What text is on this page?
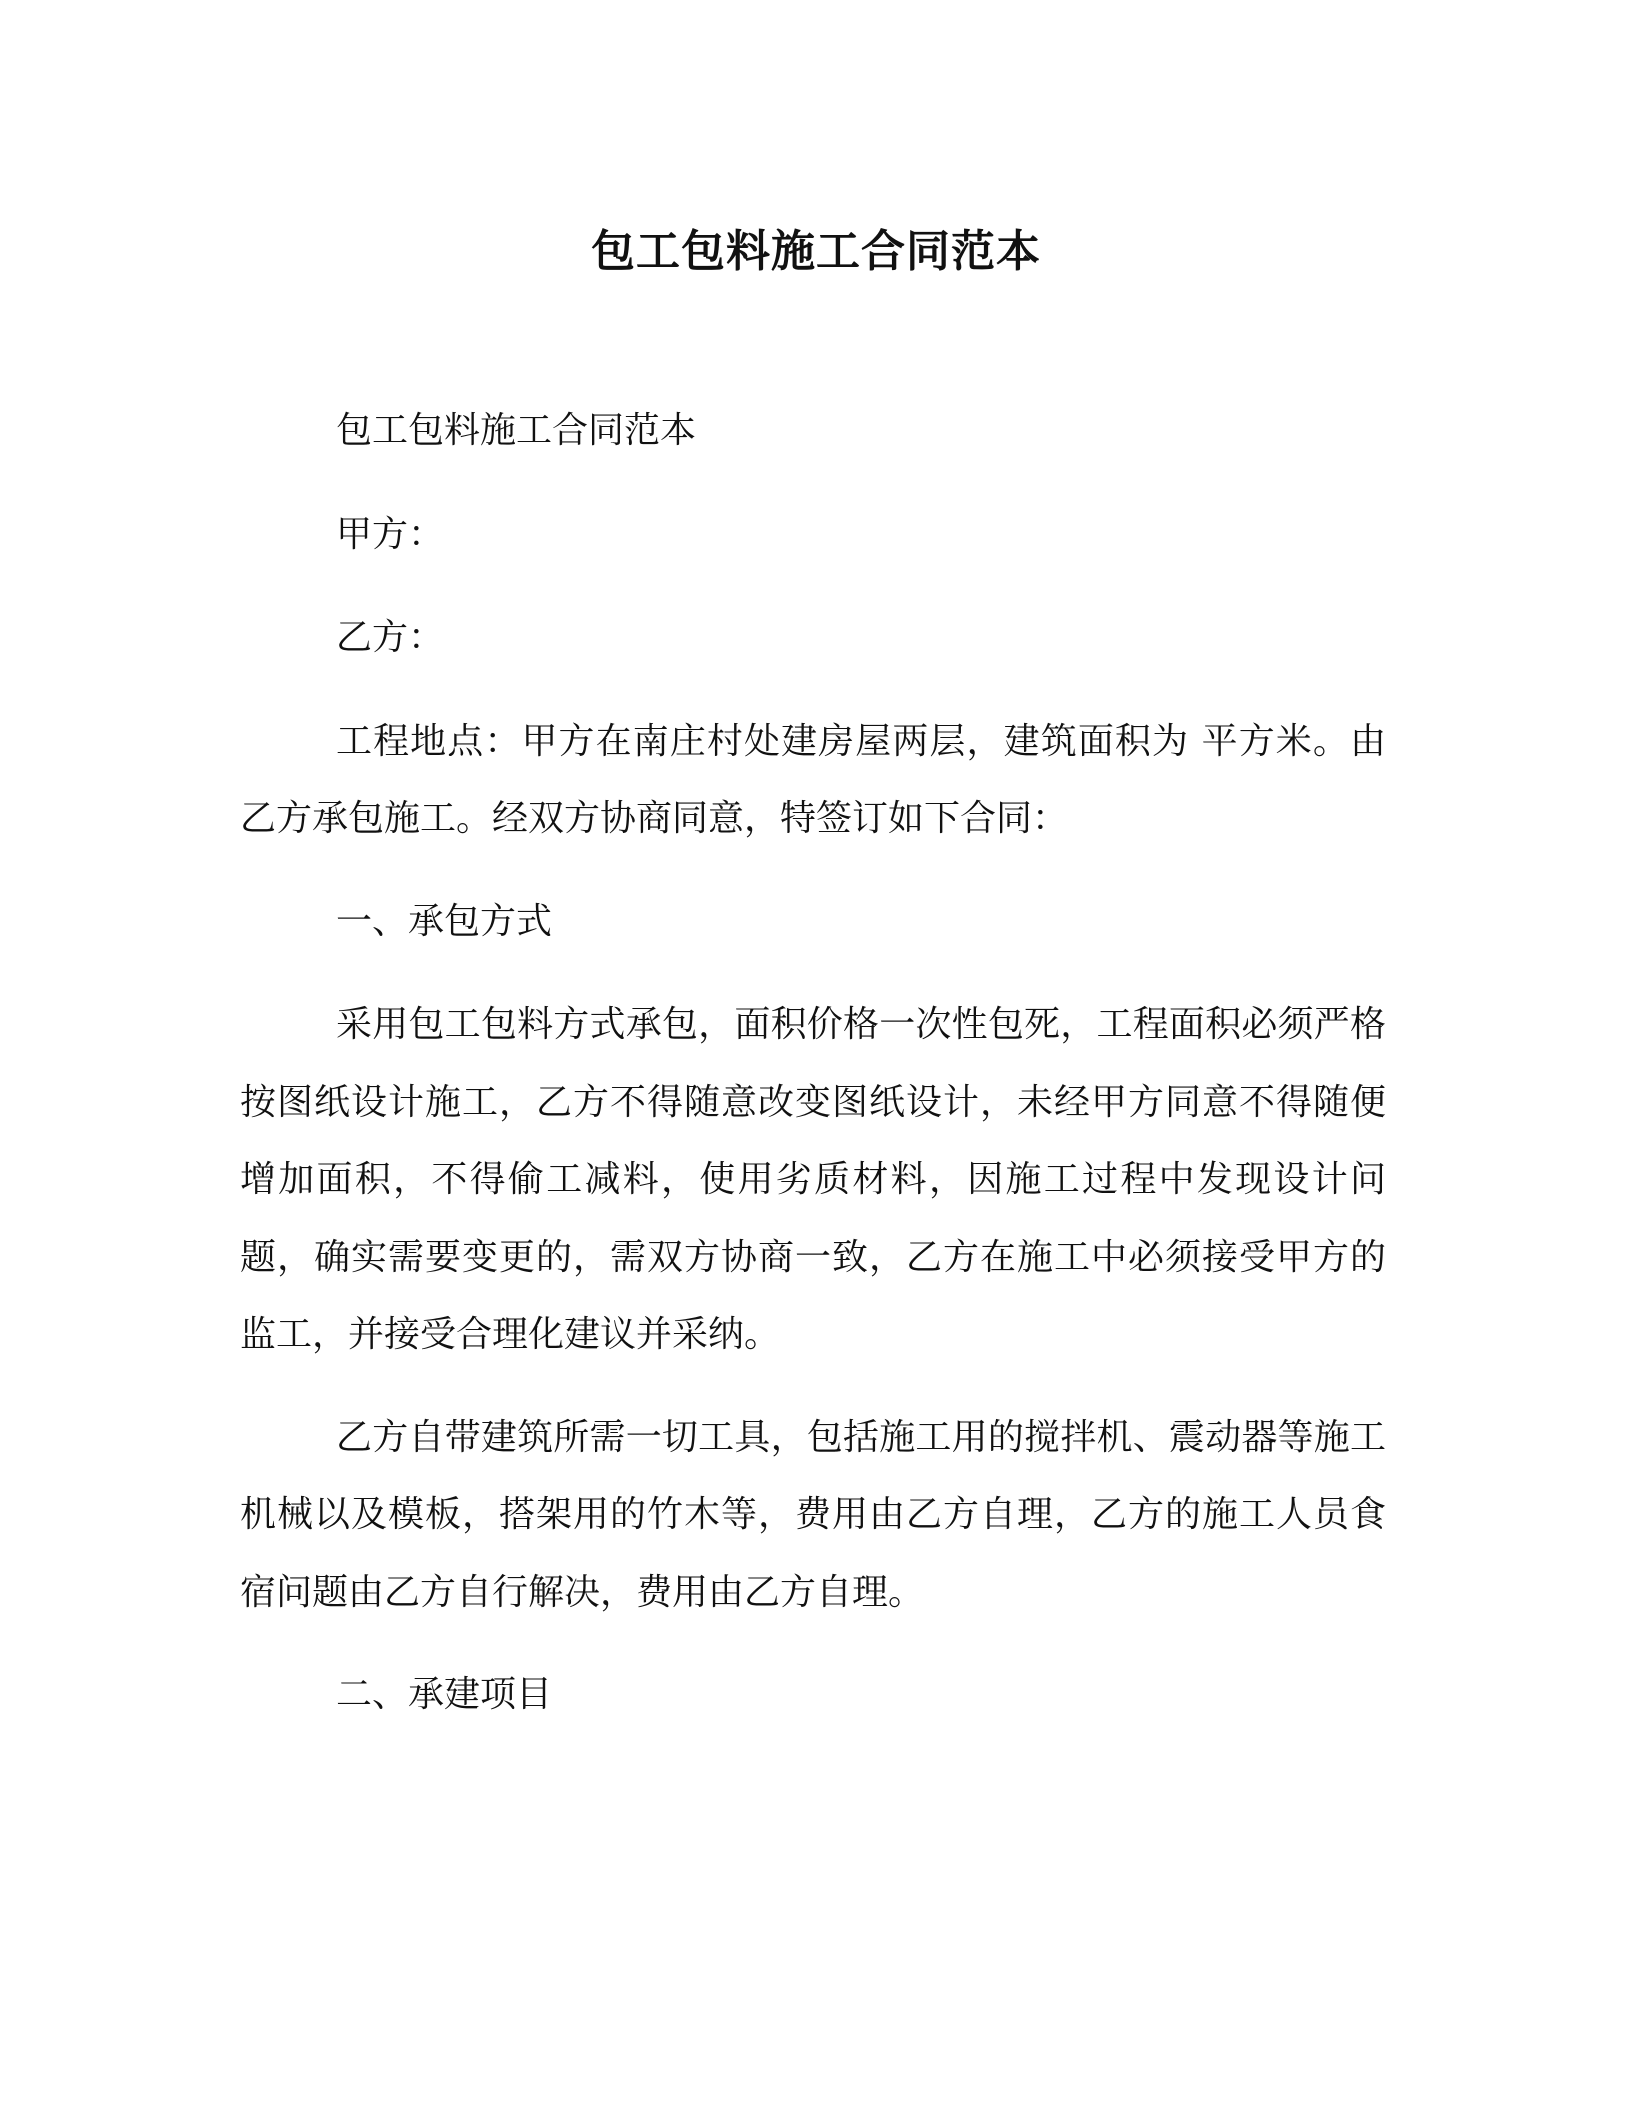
包工包料施工合同范本

包工包料施工合同范本

甲方：

乙方：

工程地点：甲方在南庄村处建房屋两层，建筑面积为 平方米。由乙方承包施工。经双方协商同意，特签订如下合同：

一、承包方式

采用包工包料方式承包，面积价格一次性包死，工程面积必须严格按图纸设计施工，乙方不得随意改变图纸设计，未经甲方同意不得随便增加面积，不得偷工减料，使用劣质材料，因施工过程中发现设计问题，确实需要变更的，需双方协商一致，乙方在施工中必须接受甲方的监工，并接受合理化建议并采纳。

乙方自带建筑所需一切工具，包括施工用的搅拌机、震动器等施工机械以及模板，搭架用的竹木等，费用由乙方自理，乙方的施工人员食宿问题由乙方自行解决，费用由乙方自理。

二、承建项目
